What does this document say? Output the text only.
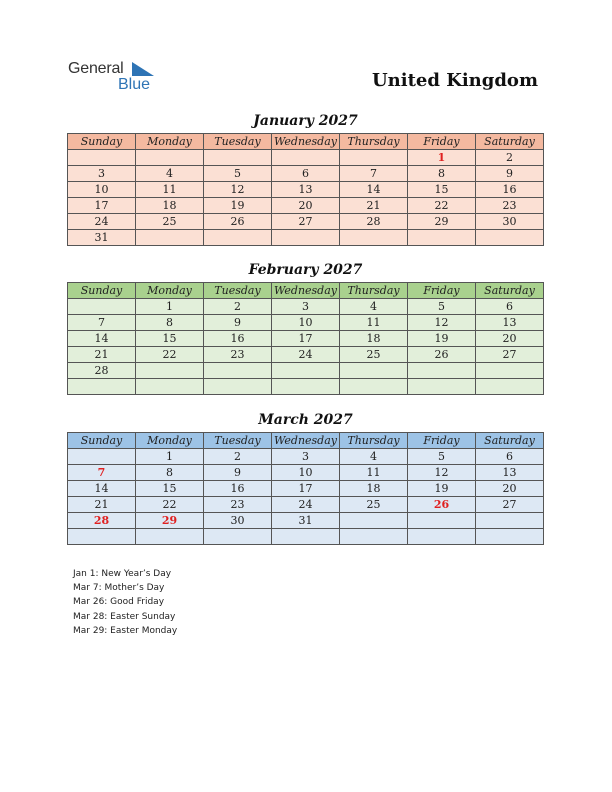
General
Blue	United Kingdom
January 2027
Sunday	Monday	Tuesday	Wednesday	Thursday	Friday	Saturday
					1	2
3	4	5	6	7	8	9
10	11	12	13	14	15	16
17	18	19	20	21	22	23
24	25	26	27	28	29	30
31						
February 2027
Sunday	Monday	Tuesday	Wednesday	Thursday	Friday	Saturday
	1	2	3	4	5	6
7	8	9	10	11	12	13
14	15	16	17	18	19	20
21	22	23	24	25	26	27
28						

March 2027
Sunday	Monday	Tuesday	Wednesday	Thursday	Friday	Saturday
	1	2	3	4	5	6
7	8	9	10	11	12	13
14	15	16	17	18	19	20
21	22	23	24	25	26	27
28	29	30	31			

Jan 1: New Year’s Day
Mar 7: Mother’s Day
Mar 26: Good Friday
Mar 28: Easter Sunday
Mar 29: Easter Monday
